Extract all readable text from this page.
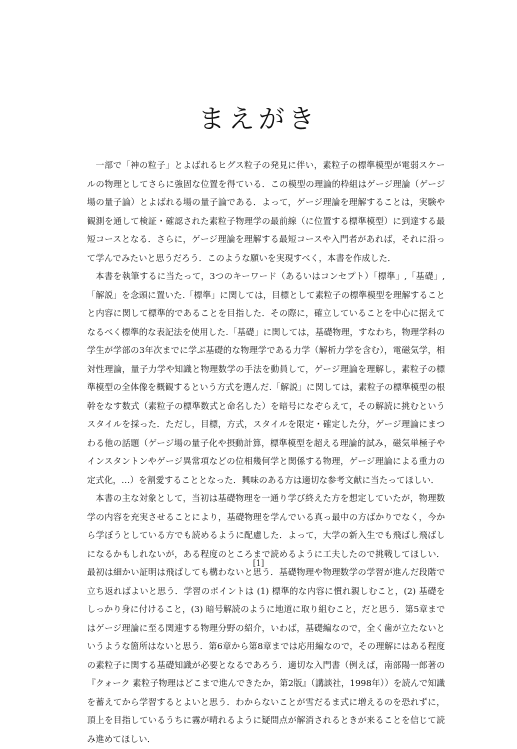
まえがき

一部で「神の粒子」とよばれるヒグス粒子の発見に伴い，素粒子の標準模型が電弱スケールの物理としてさらに強固な位置を得ている．この模型の理論的枠組はゲージ理論（ゲージ場の量子論）とよばれる場の量子論である．よって，ゲージ理論を理解することは，実験や観測を通して検証・確認された素粒子物理学の最前線（に位置する標準模型）に到達する最短コースとなる．さらに，ゲージ理論を理解する最短コースや入門者があれば，それに沿って学んでみたいと思うだろう．このような願いを実現すべく，本書を作成した．

本書を執筆するに当たって，3つのキーワード（あるいはコンセプト）「標準」,「基礎」,「解説」を念頭に置いた.「標準」に関しては，目標として素粒子の標準模型を理解することと内容に関して標準的であることを目指した．その際に，確立していることを中心に据えてなるべく標準的な表記法を使用した.「基礎」に関しては，基礎物理，すなわち，物理学科の学生が学部の3年次までに学ぶ基礎的な物理学である力学（解析力学を含む），電磁気学，相対性理論，量子力学や知識と物理数学の手法を動員して，ゲージ理論を理解し，素粒子の標準模型の全体像を概観するという方式を選んだ.「解説」に関しては，素粒子の標準模型の根幹をなす数式（素粒子の標準数式と命名した）を暗号になぞらえて，その解読に挑むというスタイルを採った．ただし，目標，方式，スタイルを限定・確定した分，ゲージ理論にまつわる他の話題（ゲージ場の量子化や摂動計算，標準模型を超える理論的試み，磁気単極子やインスタントンやゲージ異常項などの位相幾何学と関係する物理，ゲージ理論による重力の定式化，…）を割愛することとなった．興味のある方は適切な参考文献に当たってほしい．

本書の主な対象として，当初は基礎物理を一通り学び終えた方を想定していたが，物理数学の内容を充実させることにより，基礎物理を学んでいる真っ最中の方ばかりでなく，今から学ぼうとしている方でも読めるように配慮した．よって，大学の新入生でも飛ばし飛ばしになるかもしれないが，ある程度のところまで読めるように工夫したので挑戦してほしい．最初は細かい証明は飛ばしても構わないと思う．基礎物理や物理数学の学習が進んだ段階で立ち返ればよいと思う．学習のポイントは (1) 標準的な内容に慣れ親しむこと，(2) 基礎をしっかり身に付けること，(3) 暗号解読のように地道に取り組むこと，だと思う．第5章まではゲージ理論に至る関連する物理分野の紹介，いわば，基礎編なので，全く歯が立たないというような箇所はないと思う．第6章から第8章までは応用編なので，その理解にはある程度の素粒子に関する基礎知識が必要となるであろう．適切な入門書（例えば，南部陽一郎著の『クォーク 素粒子物理はどこまで進んできたか，第2版』（講談社，1998年））を読んで知識を蓄えてから学習するとよいと思う．わからないことが雪だるま式に増えるのを恐れずに，頂上を目指しているうちに霧が晴れるように疑問点が解消されるときが来ることを信じて読み進めてほしい．

[1]
